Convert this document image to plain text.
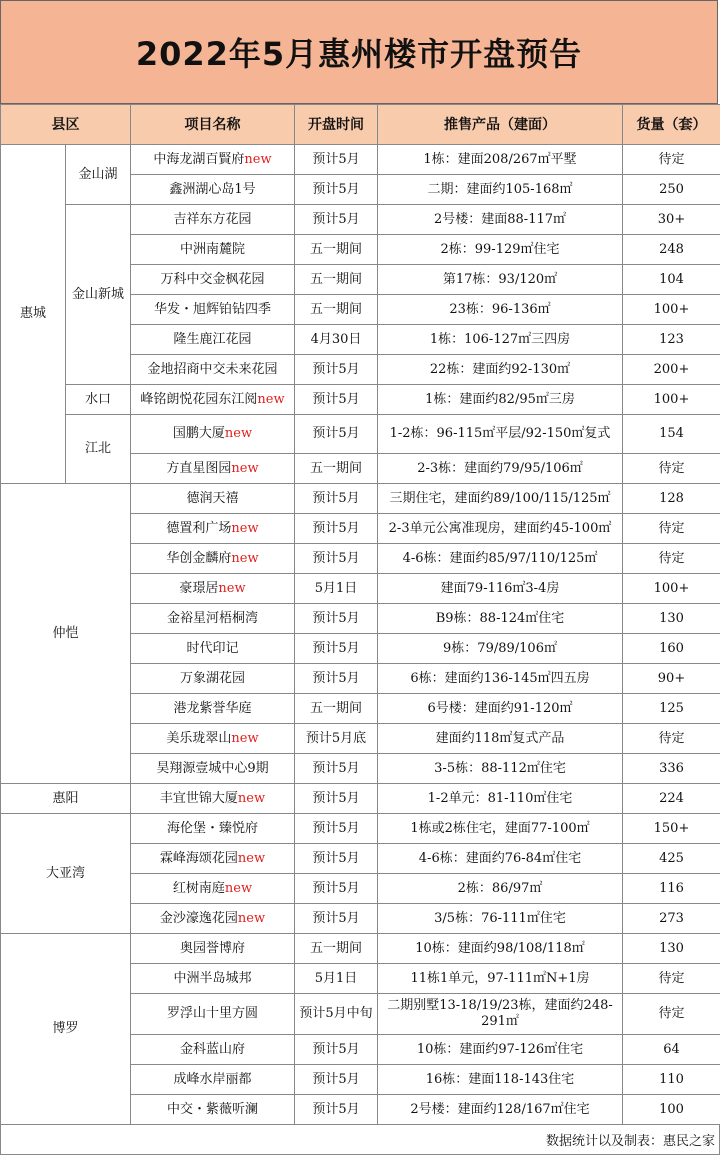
2022年5月惠州楼市开盘预告
县区		项目名称	开盘时间	推售产品（建面）	货量（套）
惠城	金山湖	中海龙湖百賢府new	预计5月	1栋：建面208/267㎡平墅	待定
		鑫洲湖心岛1号	预计5月	二期：建面约105-168㎡	250
	金山新城	吉祥东方花园	预计5月	2号楼：建面88-117㎡	30+
		中洲南麓院	五一期间	2栋：99-129㎡住宅	248
		万科中交金枫花园	五一期间	第17栋：93/120㎡	104
		华发・旭辉铂钻四季	五一期间	23栋：96-136㎡	100+
		隆生鹿江花园	4月30日	1栋：106-127㎡三四房	123
		金地招商中交未来花园	预计5月	22栋：建面约92-130㎡	200+
	水口	峰铭朗悦花园东江阅new	预计5月	1栋：建面约82/95㎡三房	100+
	江北	国鹏大厦new	预计5月	1-2栋：96-115㎡平层/92-150㎡复式	154
		方直星图园new	五一期间	2-3栋：建面约79/95/106㎡	待定
仲恺		德润天禧	预计5月	三期住宅，建面约89/100/115/125㎡	128
		德置利广场new	预计5月	2-3单元公寓准现房，建面约45-100㎡	待定
		华创金麟府new	预计5月	4-6栋：建面约85/97/110/125㎡	待定
		豪璟居new	5月1日	建面79-116㎡3-4房	100+
		金裕星河梧桐湾	预计5月	B9栋：88-124㎡住宅	130
		时代印记	预计5月	9栋：79/89/106㎡	160
		万象湖花园	预计5月	6栋：建面约136-145㎡四五房	90+
		港龙紫誉华庭	五一期间	6号楼：建面约91-120㎡	125
		美乐珑翠山new	预计5月底	建面约118㎡复式产品	待定
		昊翔源壹城中心9期	预计5月	3-5栋：88-112㎡住宅	336
惠阳		丰宜世锦大厦new	预计5月	1-2单元：81-110㎡住宅	224
大亚湾		海伦堡・臻悦府	预计5月	1栋或2栋住宅，建面77-100㎡	150+
		霖峰海颂花园new	预计5月	4-6栋：建面约76-84㎡住宅	425
		红树南庭new	预计5月	2栋：86/97㎡	116
		金沙濠逸花园new	预计5月	3/5栋：76-111㎡住宅	273
博罗		奥园誉博府	五一期间	10栋：建面约98/108/118㎡	130
		中洲半岛城邦	5月1日	11栋1单元，97-111㎡N+1房	待定
		罗浮山十里方圆	预计5月中旬	二期别墅13-18/19/23栋，建面约248-291㎡	待定
		金科蓝山府	预计5月	10栋：建面约97-126㎡住宅	64
		成峰水岸丽都	预计5月	16栋：建面118-143住宅	110
		中交・紫薇听澜	预计5月	2号楼：建面约128/167㎡住宅	100
数据统计以及制表：惠民之家
